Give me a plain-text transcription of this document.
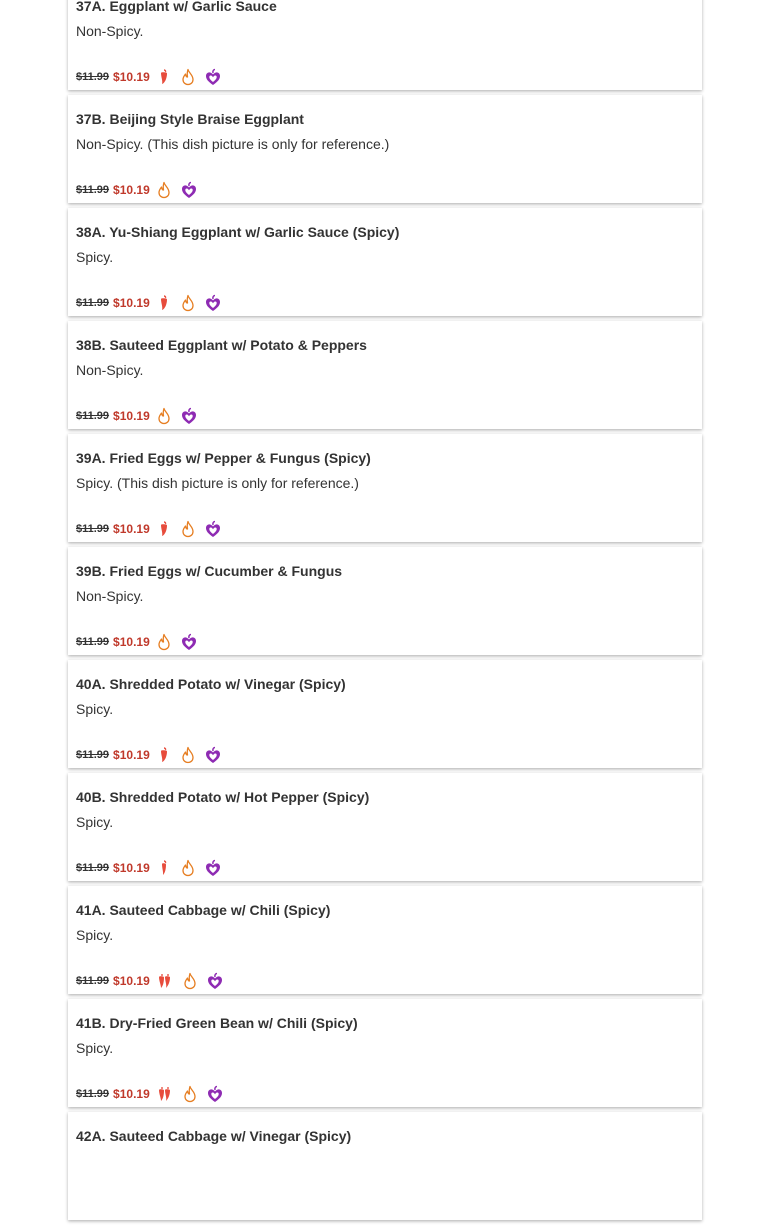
37A. Eggplant w/ Garlic Sauce
Non-Spicy.
$11.99 $10.19
37B. Beijing Style Braise Eggplant
Non-Spicy. (This dish picture is only for reference.)
$11.99 $10.19
38A. Yu-Shiang Eggplant w/ Garlic Sauce (Spicy)
Spicy.
$11.99 $10.19
38B. Sauteed Eggplant w/ Potato & Peppers
Non-Spicy.
$11.99 $10.19
39A. Fried Eggs w/ Pepper & Fungus (Spicy)
Spicy. (This dish picture is only for reference.)
$11.99 $10.19
39B. Fried Eggs w/ Cucumber & Fungus
Non-Spicy.
$11.99 $10.19
40A. Shredded Potato w/ Vinegar (Spicy)
Spicy.
$11.99 $10.19
40B. Shredded Potato w/ Hot Pepper (Spicy)
Spicy.
$11.99 $10.19
41A. Sauteed Cabbage w/ Chili (Spicy)
Spicy.
$11.99 $10.19
41B. Dry-Fried Green Bean w/ Chili (Spicy)
Spicy.
$11.99 $10.19
42A. Sauteed Cabbage w/ Vinegar (Spicy)
